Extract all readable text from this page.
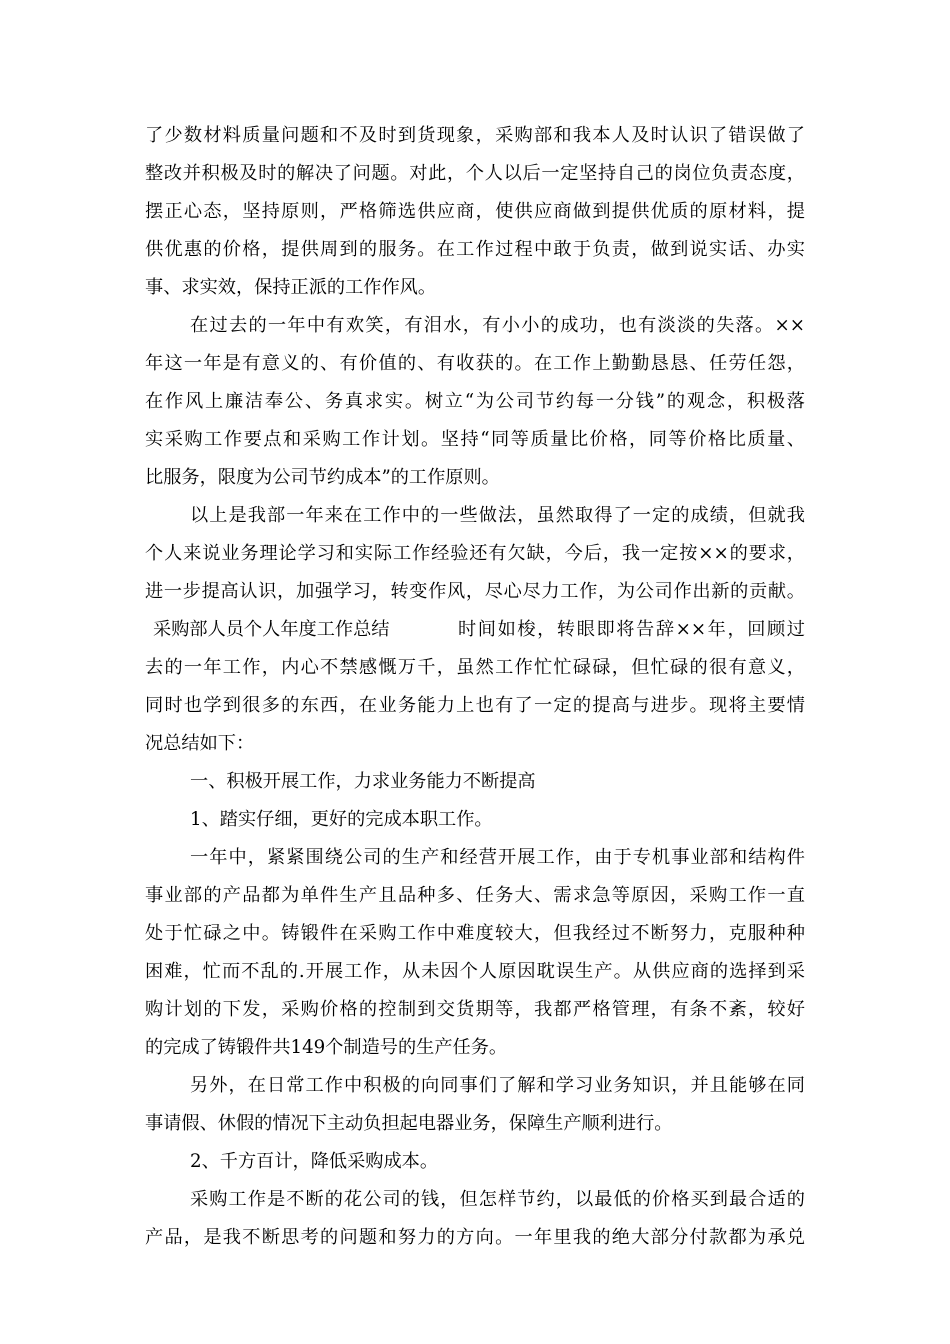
了少数材料质量问题和不及时到货现象，采购部和我本人及时认识了错误做了
整改并积极及时的解决了问题。对此，个人以后一定坚持自己的岗位负责态度，
摆正心态，坚持原则，严格筛选供应商，使供应商做到提供优质的原材料，提
供优惠的价格，提供周到的服务。在工作过程中敢于负责，做到说实话、办实
事、求实效，保持正派的工作作风。
在过去的一年中有欢笑，有泪水，有小小的成功，也有淡淡的失落。××
年这一年是有意义的、有价值的、有收获的。在工作上勤勤恳恳、任劳任怨，
在作风上廉洁奉公、务真求实。树立“为公司节约每一分钱”的观念，积极落
实采购工作要点和采购工作计划。坚持“同等质量比价格，同等价格比质量、
比服务，限度为公司节约成本”的工作原则。
以上是我部一年来在工作中的一些做法，虽然取得了一定的成绩，但就我
个人来说业务理论学习和实际工作经验还有欠缺，今后，我一定按××的要求，
进一步提高认识，加强学习，转变作风，尽心尽力工作，为公司作出新的贡献。
采购部人员个人年度工作总结	时间如梭，转眼即将告辞××年，回顾过
去的一年工作，内心不禁感慨万千，虽然工作忙忙碌碌，但忙碌的很有意义，
同时也学到很多的东西，在业务能力上也有了一定的提高与进步。现将主要情
况总结如下：
一、积极开展工作，力求业务能力不断提高
1、踏实仔细，更好的完成本职工作。
一年中，紧紧围绕公司的生产和经营开展工作，由于专机事业部和结构件
事业部的产品都为单件生产且品种多、任务大、需求急等原因，采购工作一直
处于忙碌之中。铸锻件在采购工作中难度较大，但我经过不断努力，克服种种
困难，忙而不乱的.开展工作，从未因个人原因耽误生产。从供应商的选择到采
购计划的下发，采购价格的控制到交货期等，我都严格管理，有条不紊，较好
的完成了铸锻件共149个制造号的生产任务。
另外，在日常工作中积极的向同事们了解和学习业务知识，并且能够在同
事请假、休假的情况下主动负担起电器业务，保障生产顺利进行。
2、千方百计，降低采购成本。
采购工作是不断的花公司的钱，但怎样节约，以最低的价格买到最合适的
产品，是我不断思考的问题和努力的方向。一年里我的绝大部分付款都为承兑
